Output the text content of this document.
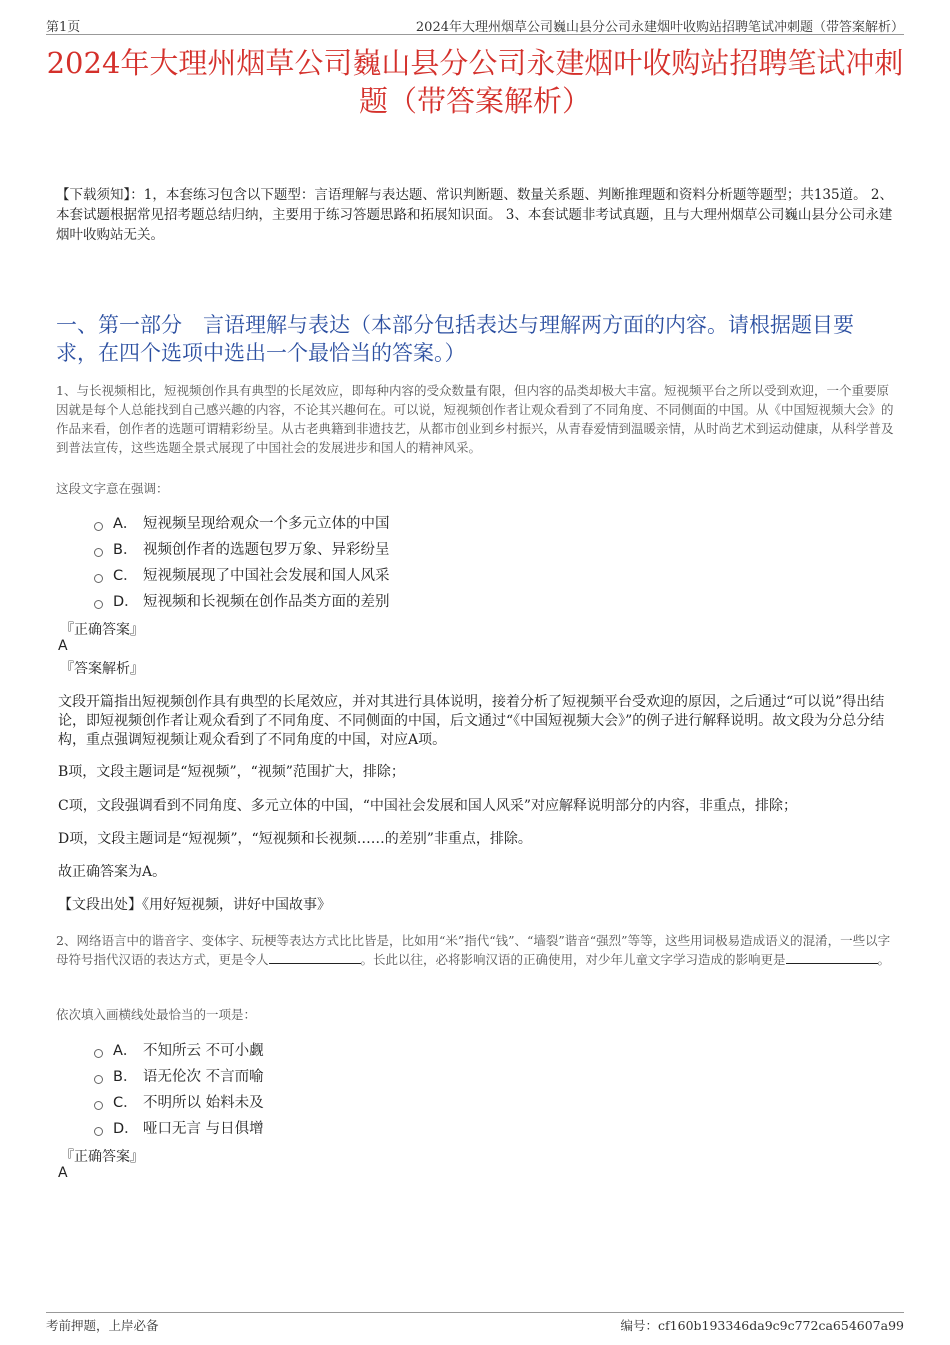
第1页	2024年大理州烟草公司巍山县分公司永建烟叶收购站招聘笔试冲刺题（带答案解析）
2024年大理州烟草公司巍山县分公司永建烟叶收购站招聘笔试冲刺题（带答案解析）
【下载须知】：1，本套练习包含以下题型：言语理解与表达题、常识判断题、数量关系题、判断推理题和资料分析题等题型；共135道。 2、本套试题根据常见招考题总结归纳，主要用于练习答题思路和拓展知识面。 3、本套试题非考试真题，且与大理州烟草公司巍山县分公司永建烟叶收购站无关。
一、第一部分　言语理解与表达（本部分包括表达与理解两方面的内容。请根据题目要求，在四个选项中选出一个最恰当的答案。）
1、与长视频相比，短视频创作具有典型的长尾效应，即每种内容的受众数量有限，但内容的品类却极大丰富。短视频平台之所以受到欢迎，一个重要原因就是每个人总能找到自己感兴趣的内容，不论其兴趣何在。可以说，短视频创作者让观众看到了不同角度、不同侧面的中国。从《中国短视频大会》的作品来看，创作者的选题可谓精彩纷呈。从古老典籍到非遗技艺，从都市创业到乡村振兴，从青春爱情到温暖亲情，从时尚艺术到运动健康，从科学普及到普法宣传，这些选题全景式展现了中国社会的发展进步和国人的精神风采。
这段文字意在强调：
A． 短视频呈现给观众一个多元立体的中国
B． 视频创作者的选题包罗万象、异彩纷呈
C． 短视频展现了中国社会发展和国人风采
D． 短视频和长视频在创作品类方面的差别
『正确答案』
A
『答案解析』
文段开篇指出短视频创作具有典型的长尾效应，并对其进行具体说明，接着分析了短视频平台受欢迎的原因，之后通过“可以说”得出结论，即短视频创作者让观众看到了不同角度、不同侧面的中国，后文通过“《中国短视频大会》”的例子进行解释说明。故文段为分总分结构，重点强调短视频让观众看到了不同角度的中国，对应A项。
B项，文段主题词是“短视频”，“视频”范围扩大，排除；
C项，文段强调看到不同角度、多元立体的中国，“中国社会发展和国人风采”对应解释说明部分的内容，非重点，排除；
D项，文段主题词是“短视频”，“短视频和长视频……的差别”非重点，排除。
故正确答案为A。
【文段出处】《用好短视频，讲好中国故事》
2、网络语言中的谐音字、变体字、玩梗等表达方式比比皆是，比如用“米”指代“钱”、“墙裂”谐音“强烈”等等，这些用词极易造成语义的混淆，一些以字母符号指代汉语的表达方式，更是令人	。长此以往，必将影响汉语的正确使用，对少年儿童文字学习造成的影响更是	。
依次填入画横线处最恰当的一项是：
A． 不知所云 不可小觑
B． 语无伦次 不言而喻
C． 不明所以 始料未及
D． 哑口无言 与日俱增
『正确答案』
A
考前押题，上岸必备	编号：cf160b193346da9c9c772ca654607a99
